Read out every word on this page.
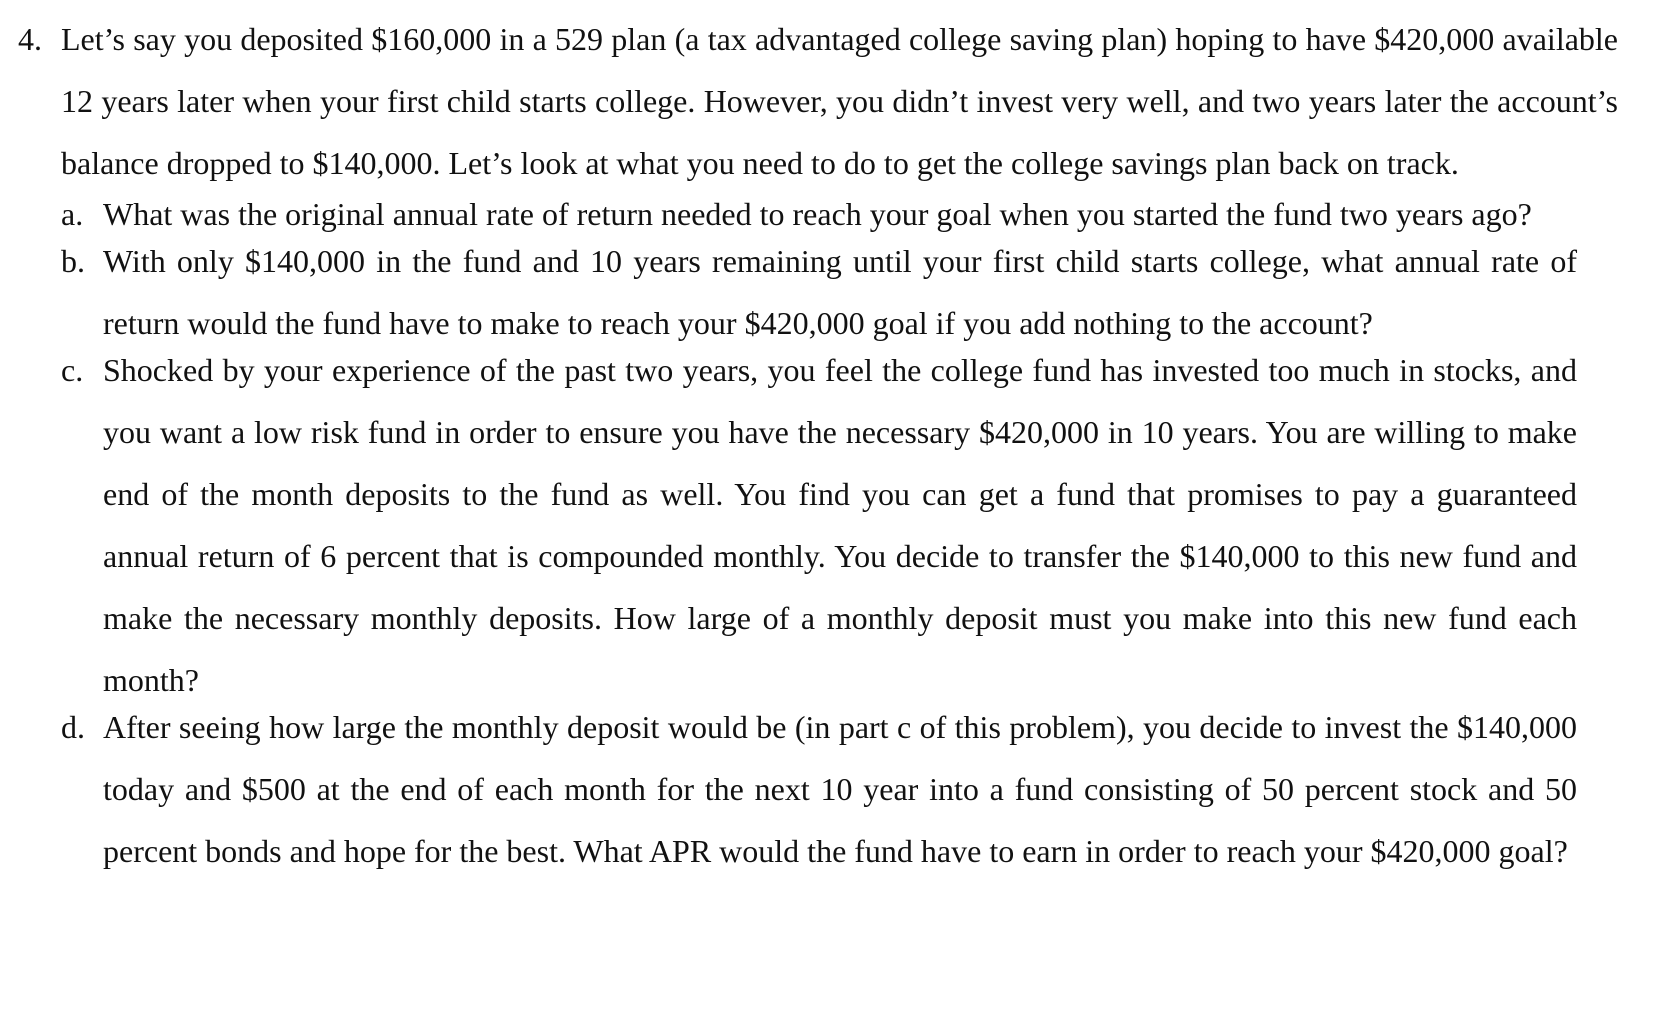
4. Let’s say you deposited $160,000 in a 529 plan (a tax advantaged college saving plan) hoping to have $420,000 available 12 years later when your first child starts college. However, you didn’t invest very well, and two years later the account’s balance dropped to $140,000. Let’s look at what you need to do to get the college savings plan back on track.
a. What was the original annual rate of return needed to reach your goal when you started the fund two years ago?
b. With only $140,000 in the fund and 10 years remaining until your first child starts college, what annual rate of return would the fund have to make to reach your $420,000 goal if you add nothing to the account?
c. Shocked by your experience of the past two years, you feel the college fund has invested too much in stocks, and you want a low risk fund in order to ensure you have the necessary $420,000 in 10 years. You are willing to make end of the month deposits to the fund as well. You find you can get a fund that promises to pay a guaranteed annual return of 6 percent that is compounded monthly. You decide to transfer the $140,000 to this new fund and make the necessary monthly deposits. How large of a monthly deposit must you make into this new fund each month?
d. After seeing how large the monthly deposit would be (in part c of this problem), you decide to invest the $140,000 today and $500 at the end of each month for the next 10 year into a fund consisting of 50 percent stock and 50 percent bonds and hope for the best. What APR would the fund have to earn in order to reach your $420,000 goal?
